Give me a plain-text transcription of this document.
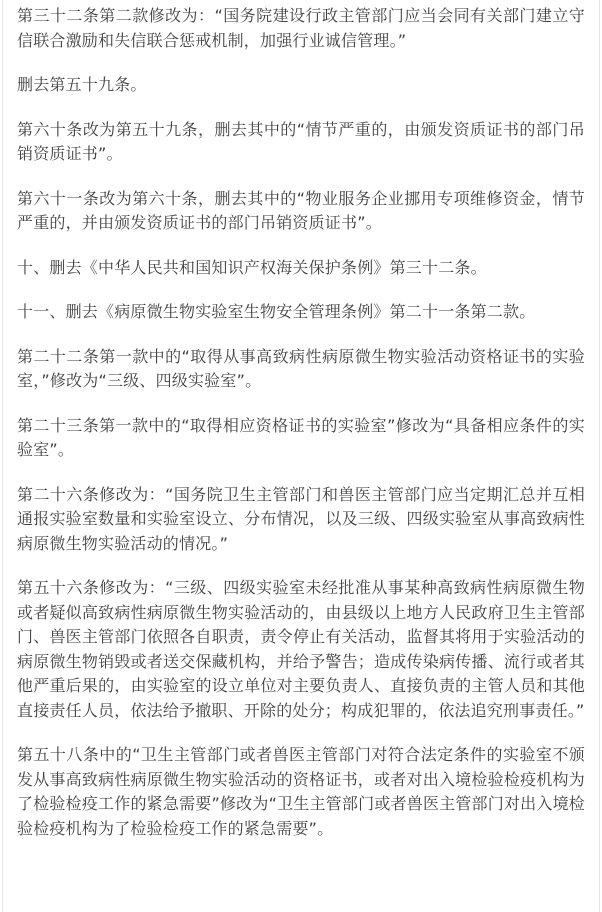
第三十二条第二款修改为：“国务院建设行政主管部门应当会同有关部门建立守信联合激励和失信联合惩戒机制，加强行业诚信管理。”

删去第五十九条。

第六十条改为第五十九条，删去其中的“情节严重的，由颁发资质证书的部门吊销资质证书”。

第六十一条改为第六十条，删去其中的“物业服务企业挪用专项维修资金，情节严重的，并由颁发资质证书的部门吊销资质证书”。

十、删去《中华人民共和国知识产权海关保护条例》第三十二条。

十一、删去《病原微生物实验室生物安全管理条例》第二十一条第二款。

第二十二条第一款中的“取得从事高致病性病原微生物实验活动资格证书的实验室，”修改为“三级、四级实验室”。

第二十三条第一款中的“取得相应资格证书的实验室”修改为“具备相应条件的实验室”。

第二十六条修改为：“国务院卫生主管部门和兽医主管部门应当定期汇总并互相通报实验室数量和实验室设立、分布情况，以及三级、四级实验室从事高致病性病原微生物实验活动的情况。”

第五十六条修改为：“三级、四级实验室未经批准从事某种高致病性病原微生物或者疑似高致病性病原微生物实验活动的，由县级以上地方人民政府卫生主管部门、兽医主管部门依照各自职责，责令停止有关活动，监督其将用于实验活动的病原微生物销毁或者送交保藏机构，并给予警告；造成传染病传播、流行或者其他严重后果的，由实验室的设立单位对主要负责人、直接负责的主管人员和其他直接责任人员，依法给予撤职、开除的处分；构成犯罪的，依法追究刑事责任。”

第五十八条中的“卫生主管部门或者兽医主管部门对符合法定条件的实验室不颁发从事高致病性病原微生物实验活动的资格证书，或者对出入境检验检疫机构为了检验检疫工作的紧急需要”修改为“卫生主管部门或者兽医主管部门对出入境检验检疫机构为了检验检疫工作的紧急需要”。
